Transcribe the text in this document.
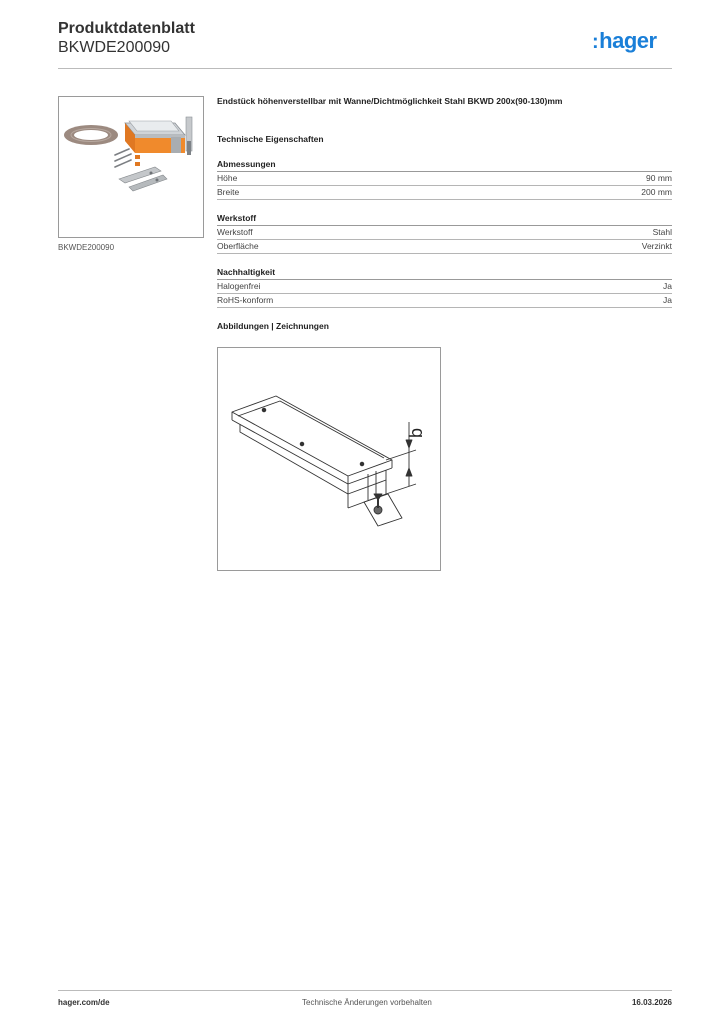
Produktdatenblatt
BKWDE200090	:hager
BKWDE200090
Endstück höhenverstellbar mit Wanne/Dichtmöglichkeit Stahl BKWD 200x(90-130)mm
Technische Eigenschaften
Abmessungen
Höhe	90 mm
Breite	200 mm
Werkstoff
Werkstoff	Stahl
Oberfläche	Verzinkt
Nachhaltigkeit
Halogenfrei	Ja
RoHS-konform	Ja
Abbildungen | Zeichnungen
b
hager.com/de	Technische Änderungen vorbehalten	16.03.2026
